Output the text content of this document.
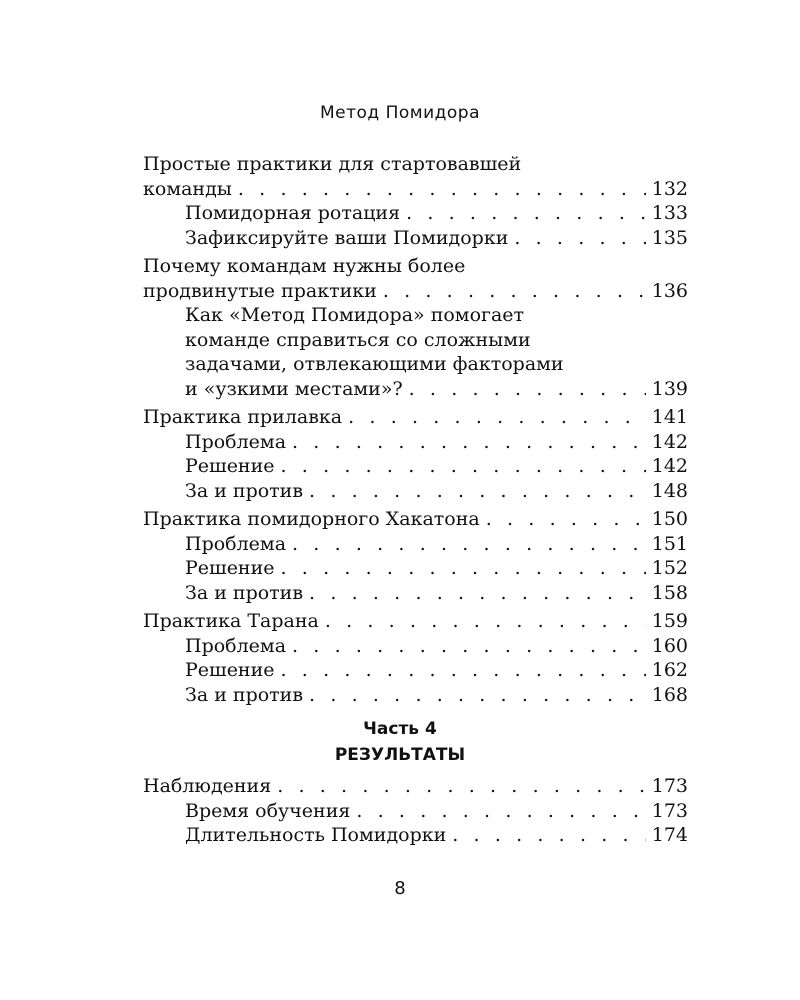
Метод Помидора
Простые практики для стартовавшей
команды . . .	132
Помидорная ротация . . .	133
Зафиксируйте ваши Помидорки . . .	135
Почему командам нужны более
продвинутые практики . . .	136
Как «Метод Помидора» помогает
команде справиться со сложными
задачами, отвлекающими факторами
и «узкими местами»? . . .	139
Практика прилавка . . .	141
Проблема . . .	142
Решение . . .	142
За и против . . .	148
Практика помидорного Хакатона . . .	150
Проблема . . .	151
Решение . . .	152
За и против . . .	158
Практика Тарана . . .	159
Проблема . . .	160
Решение . . .	162
За и против . . .	168
Часть 4
РЕЗУЛЬТАТЫ
Наблюдения . . .	173
Время обучения . . .	173
Длительность Помидорки . . .	174
8
